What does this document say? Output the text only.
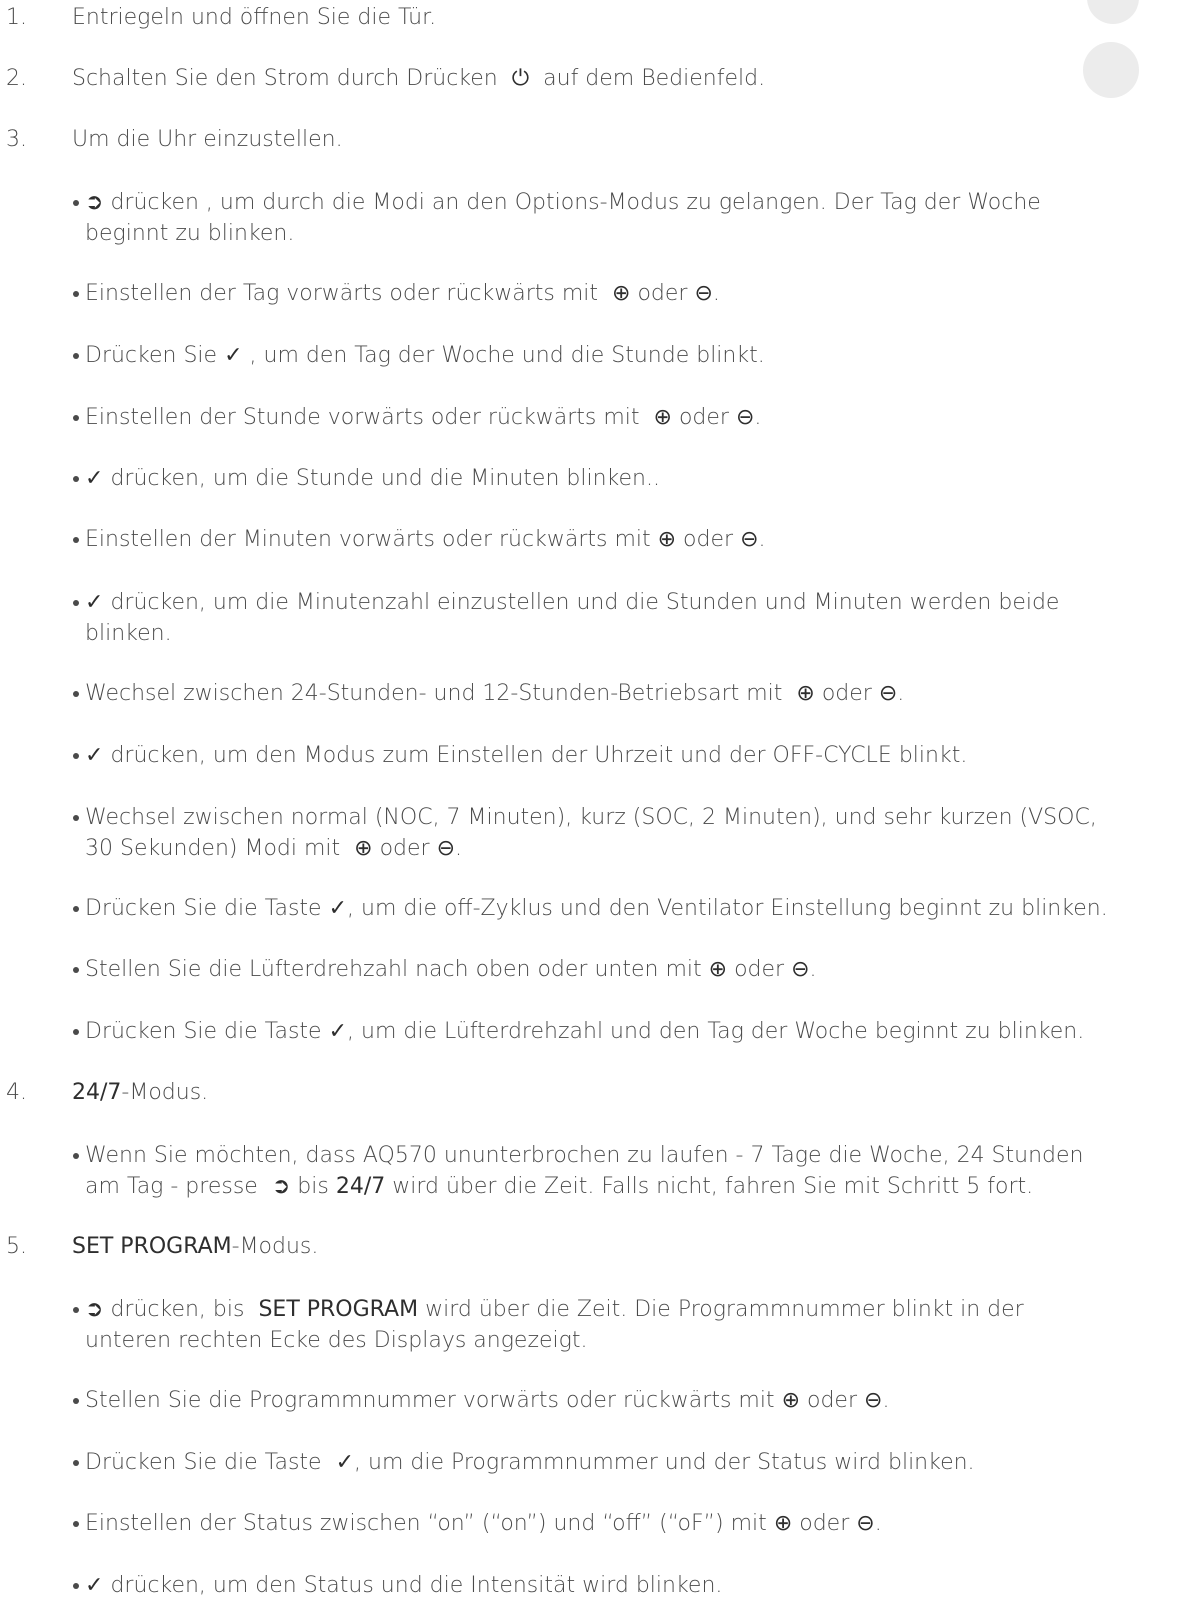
1. Entriegeln und öffnen Sie die Tür.

2. Schalten Sie den Strom durch Drücken ⏻ auf dem Bedienfeld.

3. Um die Uhr einzustellen.

➲ drücken , um durch die Modi an den Options-Modus zu gelangen. Der Tag der Woche

beginnt zu blinken.

Einstellen der Tag vorwärts oder rückwärts mit ⊕ oder ⊖.

Drücken Sie ✓ , um den Tag der Woche und die Stunde blinkt.

Einstellen der Stunde vorwärts oder rückwärts mit ⊕ oder ⊖.

✓ drücken, um die Stunde und die Minuten blinken..

Einstellen der Minuten vorwärts oder rückwärts mit ⊕ oder ⊖.

✓ drücken, um die Minutenzahl einzustellen und die Stunden und Minuten werden beide

blinken.

Wechsel zwischen 24-Stunden- und 12-Stunden-Betriebsart mit ⊕ oder ⊖.

✓ drücken, um den Modus zum Einstellen der Uhrzeit und der OFF-CYCLE blinkt.

Wechsel zwischen normal (NOC, 7 Minuten), kurz (SOC, 2 Minuten), und sehr kurzen (VSOC,

30 Sekunden) Modi mit ⊕ oder ⊖.

Drücken Sie die Taste ✓, um die off-Zyklus und den Ventilator Einstellung beginnt zu blinken.

Stellen Sie die Lüfterdrehzahl nach oben oder unten mit ⊕ oder ⊖.

Drücken Sie die Taste ✓, um die Lüfterdrehzahl und den Tag der Woche beginnt zu blinken.

4. 24/7-Modus.

Wenn Sie möchten, dass AQ570 ununterbrochen zu laufen - 7 Tage die Woche, 24 Stunden

am Tag - presse ➲ bis 24/7 wird über die Zeit. Falls nicht, fahren Sie mit Schritt 5 fort.

5. SET PROGRAM-Modus.

➲ drücken, bis SET PROGRAM wird über die Zeit. Die Programmnummer blinkt in der

unteren rechten Ecke des Displays angezeigt.

Stellen Sie die Programmnummer vorwärts oder rückwärts mit ⊕ oder ⊖.

Drücken Sie die Taste ✓, um die Programmnummer und der Status wird blinken.

Einstellen der Status zwischen “on” (“on”) und “off” (“oF”) mit ⊕ oder ⊖.

✓ drücken, um den Status und die Intensität wird blinken.
